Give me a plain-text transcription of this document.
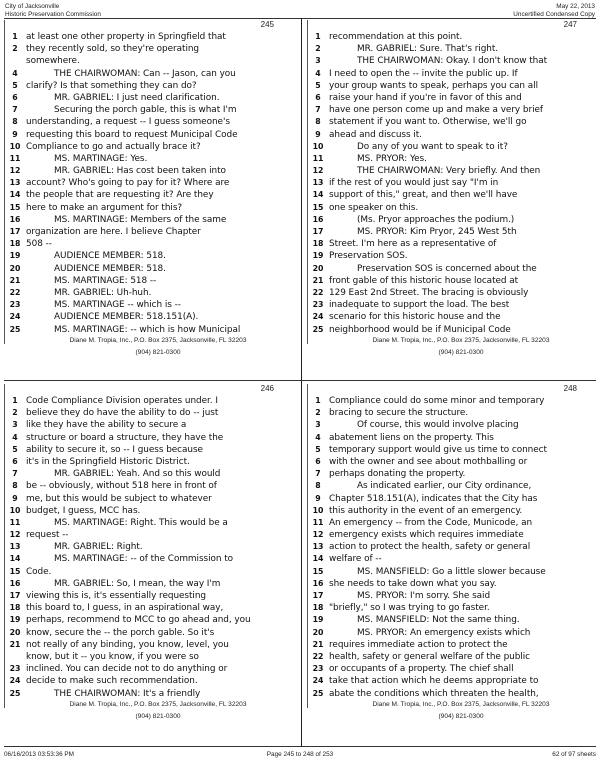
City of Jacksonville
Historic Preservation Commission
May 22, 2013
Uncertified Condensed Copy
245
1 at least one other property in Springfield that
2 they recently sold, so they're operating
somewhere.
4	THE CHAIRWOMAN: Can -- Jason, can you
5 clarify? Is that something they can do?
6	MR. GABRIEL: I just need clarification.
7	Securing the porch gable, this is what I'm
8 understanding, a request -- I guess someone's
9 requesting this board to request Municipal Code
10 Compliance to go and actually brace it?
11	MS. MARTINAGE: Yes.
12	MR. GABRIEL: Has cost been taken into
13 account? Who's going to pay for it? Where are
14 the people that are requesting it? Are they
15 here to make an argument for this?
16	MS. MARTINAGE: Members of the same
17 organization are here. I believe Chapter
18 508 --
19	AUDIENCE MEMBER: 518.
20	AUDIENCE MEMBER: 518.
21	MS. MARTINAGE: 518 --
22	MR. GABRIEL: Uh-huh.
23	MS. MARTINAGE -- which is --
24	AUDIENCE MEMBER: 518.151(A).
25	MS. MARTINAGE: -- which is how Municipal
Diane M. Tropia, Inc., P.O. Box 2375, Jacksonville, FL 32203
(904) 821-0300
247
1 recommendation at this point.
2	MR. GABRIEL: Sure. That's right.
3	THE CHAIRWOMAN: Okay. I don't know that
4 I need to open the -- invite the public up. If
5 your group wants to speak, perhaps you can all
6 raise your hand if you're in favor of this and
7 have one person come up and make a very brief
8 statement if you want to. Otherwise, we'll go
9 ahead and discuss it.
10	Do any of you want to speak to it?
11	MS. PRYOR: Yes.
12	THE CHAIRWOMAN: Very briefly. And then
13 if the rest of you would just say "I'm in
14 support of this," great, and then we'll have
15 one speaker on this.
16	(Ms. Pryor approaches the podium.)
17	MS. PRYOR: Kim Pryor, 245 West 5th
18 Street. I'm here as a representative of
19 Preservation SOS.
20	Preservation SOS is concerned about the
21 front gable of this historic house located at
22 129 East 2nd Street. The bracing is obviously
23 inadequate to support the load. The best
24 scenario for this historic house and the
25 neighborhood would be if Municipal Code
Diane M. Tropia, Inc., P.O. Box 2375, Jacksonville, FL 32203
(904) 821-0300
246
1 Code Compliance Division operates under. I
2 believe they do have the ability to do -- just
3 like they have the ability to secure a
4 structure or board a structure, they have the
5 ability to secure it, so -- I guess because
6 it's in the Springfield Historic District.
7	MR. GABRIEL: Yeah. And so this would
8 be -- obviously, without 518 here in front of
9 me, but this would be subject to whatever
10 budget, I guess, MCC has.
11	MS. MARTINAGE: Right. This would be a
12 request --
13	MR. GABRIEL: Right.
14	MS. MARTINAGE: -- of the Commission to
15 Code.
16	MR. GABRIEL: So, I mean, the way I'm
17 viewing this is, it's essentially requesting
18 this board to, I guess, in an aspirational way,
19 perhaps, recommend to MCC to go ahead and, you
20 know, secure the -- the porch gable. So it's
21 not really of any binding, you know, level, you
know, but it -- you know, if you were so
23 inclined. You can decide not to do anything or
24 decide to make such recommendation.
25	THE CHAIRWOMAN: It's a friendly
Diane M. Tropia, Inc., P.O. Box 2375, Jacksonville, FL 32203
(904) 821-0300
248
1 Compliance could do some minor and temporary
2 bracing to secure the structure.
3	Of course, this would involve placing
4 abatement liens on the property. This
5 temporary support would give us time to connect
6 with the owner and see about mothballing or
7 perhaps donating the property.
8	As indicated earlier, our City ordinance,
9 Chapter 518.151(A), indicates that the City has
10 this authority in the event of an emergency.
11 An emergency -- from the Code, Municode, an
12 emergency exists which requires immediate
13 action to protect the health, safety or general
14 welfare of --
15	MS. MANSFIELD: Go a little slower because
16 she needs to take down what you say.
17	MS. PRYOR: I'm sorry. She said
18 "briefly," so I was trying to go faster.
19	MS. MANSFIELD: Not the same thing.
20	MS. PRYOR: An emergency exists which
21 requires immediate action to protect the
22 health, safety or general welfare of the public
23 or occupants of a property. The chief shall
24 take that action which he deems appropriate to
25 abate the conditions which threaten the health,
Diane M. Tropia, Inc., P.O. Box 2375, Jacksonville, FL 32203
(904) 821-0300
06/16/2013 03:53:36 PM	Page 245 to 248 of 253	62 of 97 sheets
